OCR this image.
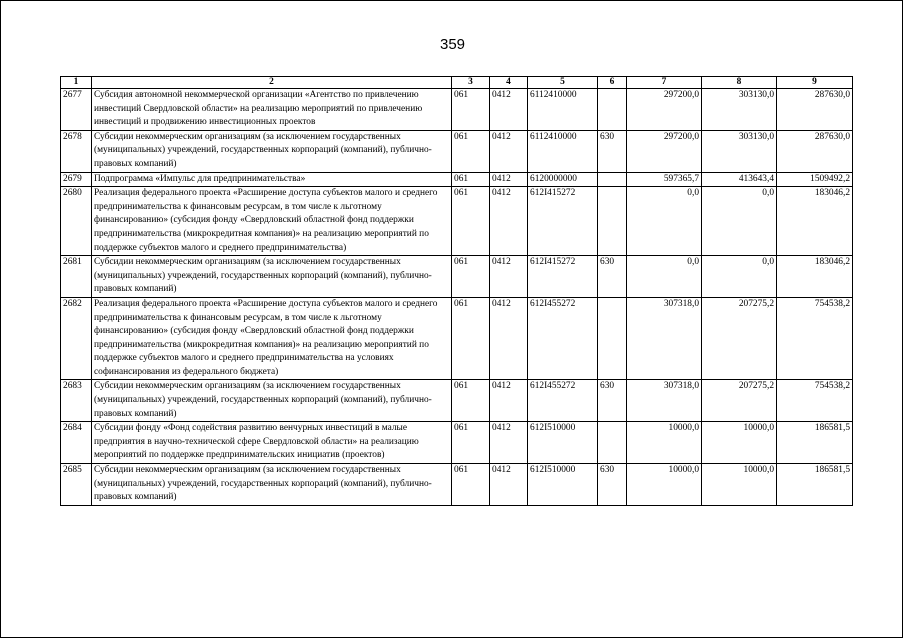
359
1	2	3	4	5	6	7	8	9
2677	Субсидия автономной некоммерческой организации «Агентство по привлечению инвестиций Свердловской области» на реализацию мероприятий по привлечению инвестиций и продвижению инвестиционных проектов	061	0412	6112410000		297200,0	303130,0	287630,0
2678	Субсидии некоммерческим организациям (за исключением государственных (муниципальных) учреждений, государственных корпораций (компаний), публично-правовых компаний)	061	0412	6112410000	630	297200,0	303130,0	287630,0
2679	Подпрограмма «Импульс для предпринимательства»	061	0412	6120000000		597365,7	413643,4	1509492,2
2680	Реализация федерального проекта «Расширение доступа субъектов малого и среднего предпринимательства к финансовым ресурсам, в том числе к льготному финансированию» (субсидия фонду «Свердловский областной фонд поддержки предпринимательства (микрокредитная компания)» на реализацию мероприятий по поддержке субъектов малого и среднего предпринимательства)	061	0412	612I415272		0,0	0,0	183046,2
2681	Субсидии некоммерческим организациям (за исключением государственных (муниципальных) учреждений, государственных корпораций (компаний), публично-правовых компаний)	061	0412	612I415272	630	0,0	0,0	183046,2
2682	Реализация федерального проекта «Расширение доступа субъектов малого и среднего предпринимательства к финансовым ресурсам, в том числе к льготному финансированию» (субсидия фонду «Свердловский областной фонд поддержки предпринимательства (микрокредитная компания)» на реализацию мероприятий по поддержке субъектов малого и среднего предпринимательства на условиях софинансирования из федерального бюджета)	061	0412	612I455272		307318,0	207275,2	754538,2
2683	Субсидии некоммерческим организациям (за исключением государственных (муниципальных) учреждений, государственных корпораций (компаний), публично-правовых компаний)	061	0412	612I455272	630	307318,0	207275,2	754538,2
2684	Субсидии фонду «Фонд содействия развитию венчурных инвестиций в малые предприятия в научно-технической сфере Свердловской области» на реализацию мероприятий по поддержке предпринимательских инициатив (проектов)	061	0412	612I510000		10000,0	10000,0	186581,5
2685	Субсидии некоммерческим организациям (за исключением государственных (муниципальных) учреждений, государственных корпораций (компаний), публично-правовых компаний)	061	0412	612I510000	630	10000,0	10000,0	186581,5
